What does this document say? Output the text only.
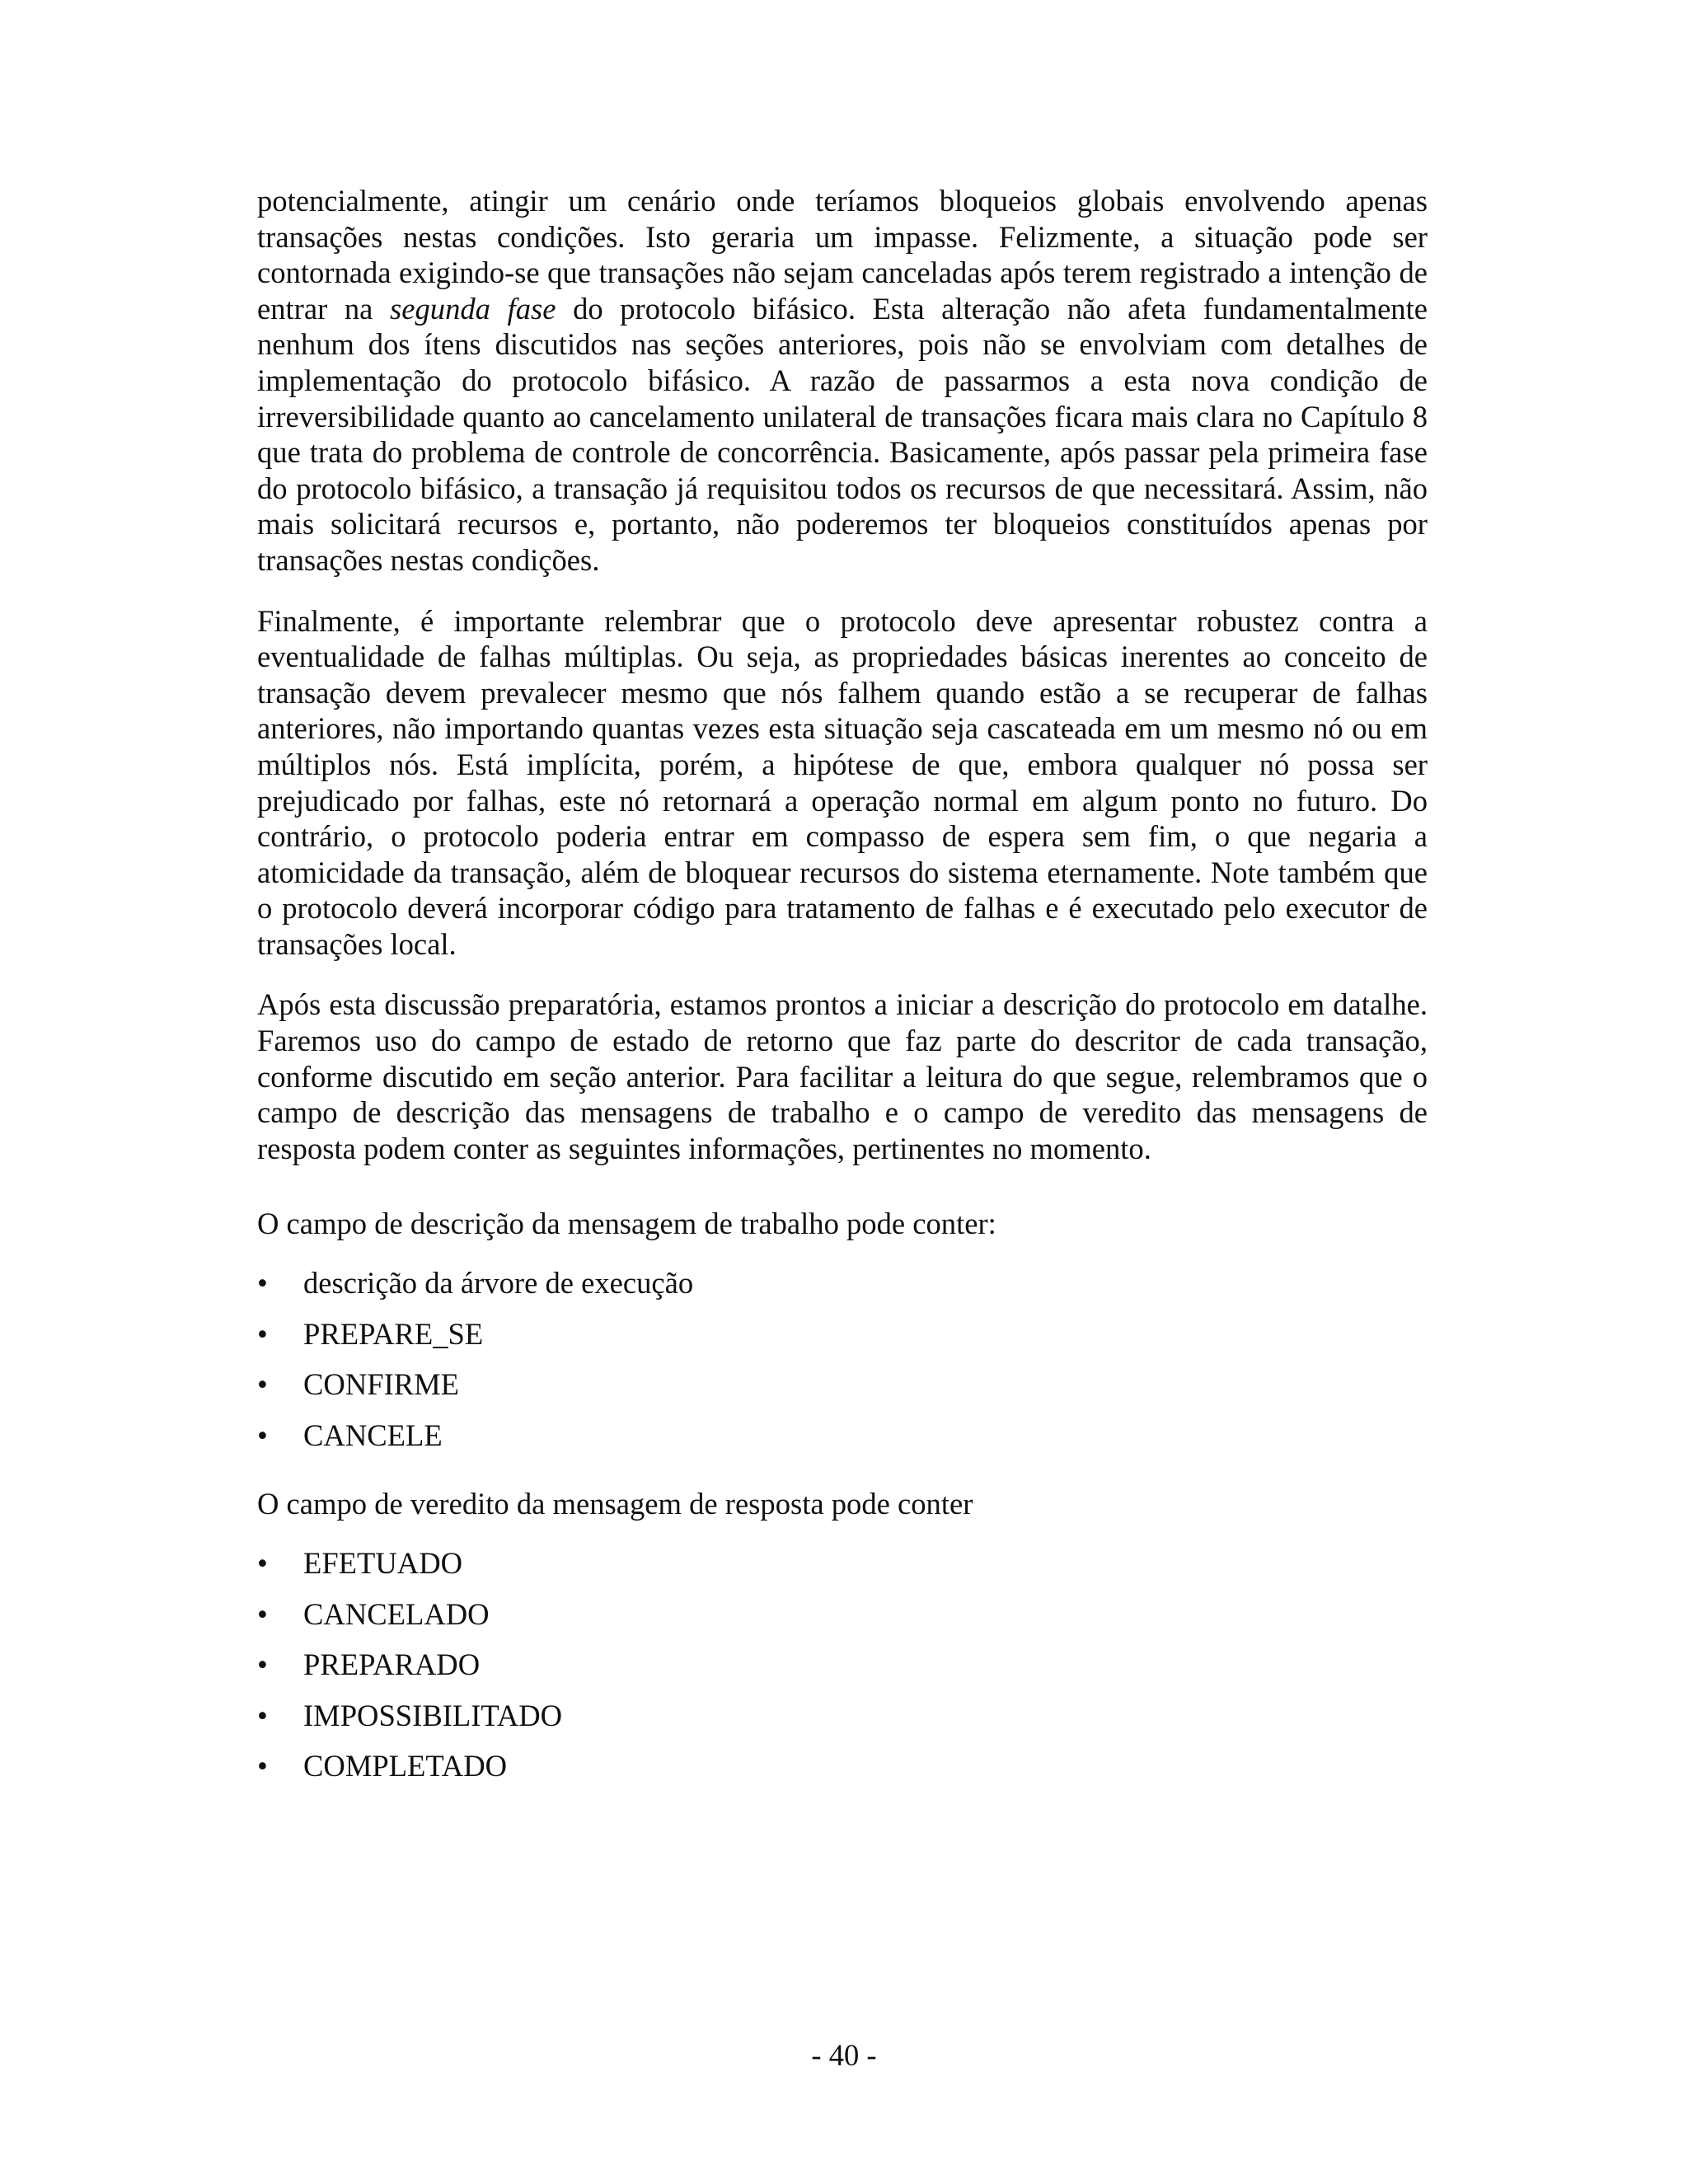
potencialmente, atingir um cenário onde teríamos bloqueios globais envolvendo apenas transações nestas condições. Isto geraria um impasse. Felizmente, a situação pode ser contornada exigindo-se que transações não sejam canceladas após terem registrado a intenção de entrar na segunda fase do protocolo bifásico. Esta alteração não afeta fundamentalmente nenhum dos ítens discutidos nas seções anteriores, pois não se envolviam com detalhes de implementação do protocolo bifásico. A razão de passarmos a esta nova condição de irreversibilidade quanto ao cancelamento unilateral de transações ficara mais clara no Capítulo 8 que trata do problema de controle de concorrência. Basicamente, após passar pela primeira fase do protocolo bifásico, a transação já requisitou todos os recursos de que necessitará. Assim, não mais solicitará recursos e, portanto, não poderemos ter bloqueios constituídos apenas por transações nestas condições.

Finalmente, é importante relembrar que o protocolo deve apresentar robustez contra a eventualidade de falhas múltiplas. Ou seja, as propriedades básicas inerentes ao conceito de transação devem prevalecer mesmo que nós falhem quando estão a se recuperar de falhas anteriores, não importando quantas vezes esta situação seja cascateada em um mesmo nó ou em múltiplos nós. Está implícita, porém, a hipótese de que, embora qualquer nó possa ser prejudicado por falhas, este nó retornará a operação normal em algum ponto no futuro. Do contrário, o protocolo poderia entrar em compasso de espera sem fim, o que negaria a atomicidade da transação, além de bloquear recursos do sistema eternamente. Note também que o protocolo deverá incorporar código para tratamento de falhas e é executado pelo executor de transações local.

Após esta discussão preparatória, estamos prontos a iniciar a descrição do protocolo em datalhe. Faremos uso do campo de estado de retorno que faz parte do descritor de cada transação, conforme discutido em seção anterior. Para facilitar a leitura do que segue, relembramos que o campo de descrição das mensagens de trabalho e o campo de veredito das mensagens de resposta podem conter as seguintes informações, pertinentes no momento.

O campo de descrição da mensagem de trabalho pode conter:

•	descrição da árvore de execução
•	PREPARE_SE
•	CONFIRME
•	CANCELE

O campo de veredito da mensagem de resposta pode conter

•	EFETUADO
•	CANCELADO
•	PREPARADO
•	IMPOSSIBILITADO
•	COMPLETADO
- 40 -
